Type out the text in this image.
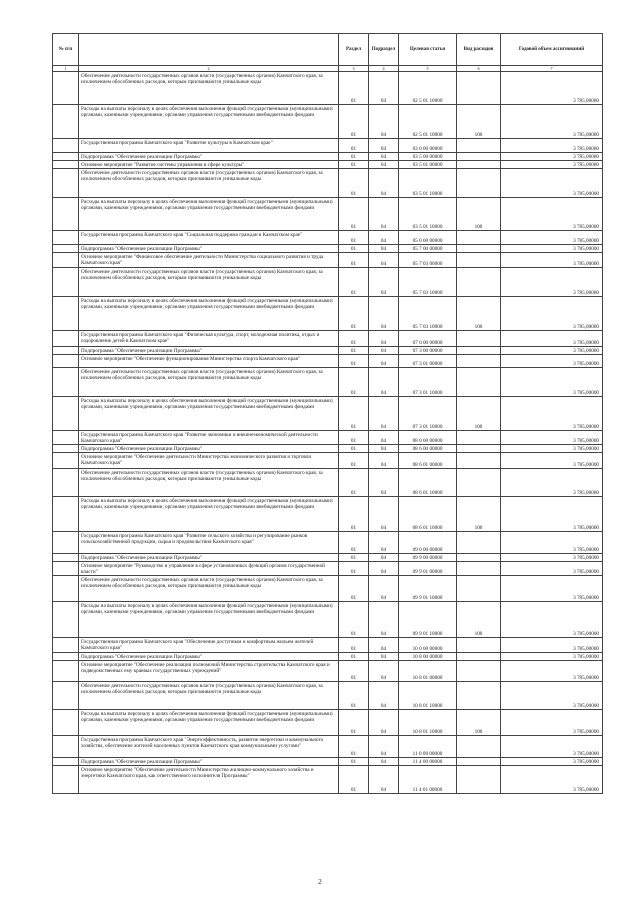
№ п/п		Раздел	Подраздел	Целевая статья	Вид расходов	Годовой объем ассигнований
1	2	3	4	5	6	7
	Обеспечение деятельности государственных органов власти (государственных органов) Камчатского края, за исключением обособленных расходов, которым присваиваются уникальные коды	01	04	02 5 01 10000		3 785,00000
	Расходы на выплаты персоналу в целях обеспечения выполнения функций государственными (муниципальными) органами, казенными учреждениями, органами управления государственными внебюджетными фондами	01	04	02 5 01 10000	100	3 785,00000
	Государственная программа Камчатского края "Развитие культуры в Камчатском крае"	01	04	03 0 00 00000		3 785,00000
	Подпрограмма "Обеспечение реализации Программы"	01	04	03 5 00 00000		3 785,00000
	Основное мероприятие "Развитие системы управления в сфере культуры"	01	04	03 5 01 00000		3 785,00000
	Обеспечение деятельности государственных органов власти (государственных органов) Камчатского края, за исключением обособленных расходов, которым присваиваются уникальные коды	01	04	03 5 01 10000		3 785,00000
	Расходы на выплаты персоналу в целях обеспечения выполнения функций государственными (муниципальными) органами, казенными учреждениями, органами управления государственными внебюджетными фондами	01	04	03 5 01 10000	100	3 785,00000
	Государственная программа Камчатского края "Социальная поддержка граждан в Камчатском крае"	01	04	05 0 00 00000		3 785,00000
	Подпрограмма "Обеспечение реализации Программы"	01	04	05 7 00 00000		3 785,00000
	Основное мероприятие "Финансовое обеспечение деятельности Министерства социального развития и труда Камчатского края"	01	04	05 7 03 00000		3 785,00000
	Обеспечение деятельности государственных органов власти (государственных органов) Камчатского края, за исключением обособленных расходов, которым присваиваются уникальные коды	01	04	05 7 03 10000		3 785,00000
	Расходы на выплаты персоналу в целях обеспечения выполнения функций государственными (муниципальными) органами, казенными учреждениями, органами управления государственными внебюджетными фондами	01	04	05 7 03 10000	100	3 785,00000
	Государственная программа Камчатского края "Физическая культура, спорт, молодежная политика, отдых и оздоровление детей в Камчатском крае"	01	04	07 0 00 00000		3 785,00000
	Подпрограмма "Обеспечение реализации Программы"	01	04	07 3 00 00000		3 785,00000
	Основное мероприятие "Обеспечение функционирования Министерства спорта Камчатского края"	01	04	07 3 01 00000		3 785,00000
	Обеспечение деятельности государственных органов власти (государственных органов) Камчатского края, за исключением обособленных расходов, которым присваиваются уникальные коды	01	04	07 3 01 10000		3 785,00000
	Расходы на выплаты персоналу в целях обеспечения выполнения функций государственными (муниципальными) органами, казенными учреждениями, органами управления государственными внебюджетными фондами	01	04	07 3 01 10000	100	3 785,00000
	Государственная программа Камчатского края "Развитие экономики и внешнеэкономической деятельности Камчатского края"	01	04	08 0 00 00000		3 785,00000
	Подпрограмма "Обеспечение реализации Программы"	01	04	08 6 00 00000		3 785,00000
	Основное мероприятие "Обеспечение деятельности Министерства экономического развития и торговли Камчатского края"	01	04	08 6 01 00000		3 785,00000
	Обеспечение деятельности государственных органов власти (государственных органов) Камчатского края, за исключением обособленных расходов, которым присваиваются уникальные коды	01	04	08 6 01 10000		3 785,00000
	Расходы на выплаты персоналу в целях обеспечения выполнения функций государственными (муниципальными) органами, казенными учреждениями, органами управления государственными внебюджетными фондами	01	04	08 6 01 10000	100	3 785,00000
	Государственная программа Камчатского края "Развитие сельского хозяйства и регулирование рынков сельскохозяйственной продукции, сырья и продовольствия Камчатского края"	01	04	09 0 00 00000		3 785,00000
	Подпрограмма "Обеспечение реализации Программы"	01	04	09 9 00 00000		3 785,00000
	Основное мероприятие "Руководство и управление в сфере установленных функций органов государственной власти"	01	04	09 9 01 00000		3 785,00000
	Обеспечение деятельности государственных органов власти (государственных органов) Камчатского края, за исключением обособленных расходов, которым присваиваются уникальные коды	01	04	09 9 01 10000		3 785,00000
	Расходы на выплаты персоналу в целях обеспечения выполнения функций государственными (муниципальными) органами, казенными учреждениями, органами управления государственными внебюджетными фондами	01	04	09 9 01 10000	100	3 785,00000
	Государственная программа Камчатского края "Обеспечение доступным и комфортным жильем жителей Камчатского края"	01	04	10 0 00 00000		3 785,00000
	Подпрограмма "Обеспечение реализации Программы"	01	04	10 8 00 00000		3 785,00000
	Основное мероприятие "Обеспечение реализации полномочий Министерства строительства Камчатского края и подведомственных ему краевых государственных учреждений"	01	04	10 8 01 00000		3 785,00000
	Обеспечение деятельности государственных органов власти (государственных органов) Камчатского края, за исключением обособленных расходов, которым присваиваются уникальные коды	01	04	10 8 01 10000		3 785,00000
	Расходы на выплаты персоналу в целях обеспечения выполнения функций государственными (муниципальными) органами, казенными учреждениями, органами управления государственными внебюджетными фондами	01	04	10 8 01 10000	100	3 785,00000
	Государственная программа Камчатского края "Энергоэффективность, развитие энергетики и коммунального хозяйства, обеспечение жителей населенных пунктов Камчатского края коммунальными услугами"	01	04	11 0 00 00000		3 785,00000
	Подпрограмма "Обеспечение реализации Программы"	01	04	11 4 00 00000		3 785,00000
	Основное мероприятие "Обеспечение деятельности Министерства жилищно-коммунального хозяйства и энергетики Камчатского края, как ответственного исполнителя Программы"	01	04	11 4 01 00000		3 785,00000
2
